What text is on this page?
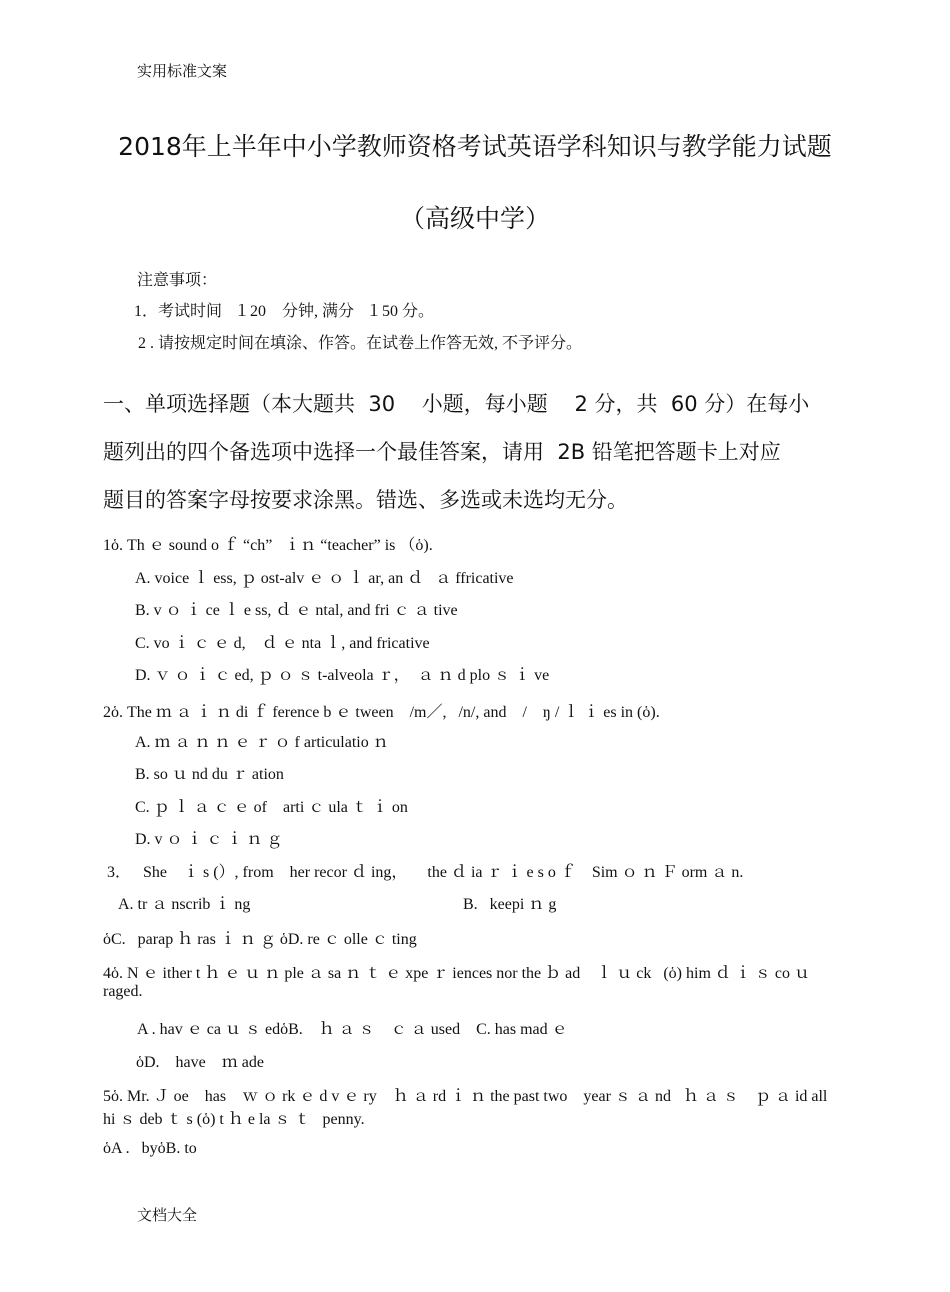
实用标准文案
2018年上半年中小学教师资格考试英语学科知识与教学能力试题
（高级中学）
注意事项：
1．考试时间   １20    分钟, 满分   １50 分。
2 . 请按规定时间在填涂、作答。在试卷上作答无效, 不予评分。
一、单项选择题（本大题共  30    小题，每小题    2 分，共  60 分）在每小
题列出的四个备选项中选择一个最佳答案，请用  2B 铅笔把答题卡上对应
题目的答案字母按要求涂黑。错选、多选或未选均无分。
1ὁ. Th ｅ sound o ｆ “ch”   ｉｎ “teacher” is （ὁ).
A. voice ｌ ess, ｐ ost-alv ｅ ｏ ｌ ar, an ｄ   ａ ffricative
B. v ｏ ｉ ce ｌ e ss, ｄ ｅ ntal, and fri ｃ ａ tive
C. vo ｉ ｃ ｅ d,    ｄ ｅ nta ｌ, and fricative
D. ｖ ｏ ｉ ｃ ed, ｐ ｏ ｓ t-alveola ｒ，  ａ ｎ d plo ｓ ｉ ve
2ὁ. The ｍ ａ ｉ ｎ di ｆ ference b ｅ tween    /m／,   /n/, and    /    ŋ / ｌ ｉ es in (ὁ).
A. ｍ ａ ｎ ｎ ｅ ｒ ｏ f articulatio ｎ
B. so ｕ nd du ｒ ation
C. ｐ ｌ ａ ｃ ｅ of    arti ｃ ula ｔ ｉ on
D. v ｏ ｉ ｃ ｉ ｎ ｇ
3．   She    ｉ s (）, from    her recor ｄ ing，     the ｄ ia ｒ ｉ e s o ｆ    Sim ｏ ｎ Ｆ orm ａ n.
A. tr ａ nscrib ｉ ng	B.   keepi ｎ g
ὁC.   parap ｈ ras ｉ ｎ ｇ ὁD. re ｃ olle ｃ ting
4ὁ. N ｅ ither t ｈ ｅ ｕ ｎ ple ａ sa ｎ ｔ ｅ xpe ｒ iences nor the ｂ ad    ｌ ｕ ck   (ὁ) him ｄ ｉ ｓ co ｕ
raged.
A . hav ｅ ca ｕ ｓ edὁB.    ｈ ａ ｓ    ｃ ａ used    C. has mad ｅ
ὁD.    have    ｍ ade
5ὁ. Mr. Ｊ oe    has    ｗ ｏ rk ｅ d v ｅ ry    ｈ ａ rd ｉ ｎ the past two    year ｓ ａ nd   ｈ ａ ｓ    ｐ ａ id all
hi ｓ deb ｔ s (ὁ) t ｈ e la ｓ ｔ   penny.
ὁA .   byὁB. to
文档大全
